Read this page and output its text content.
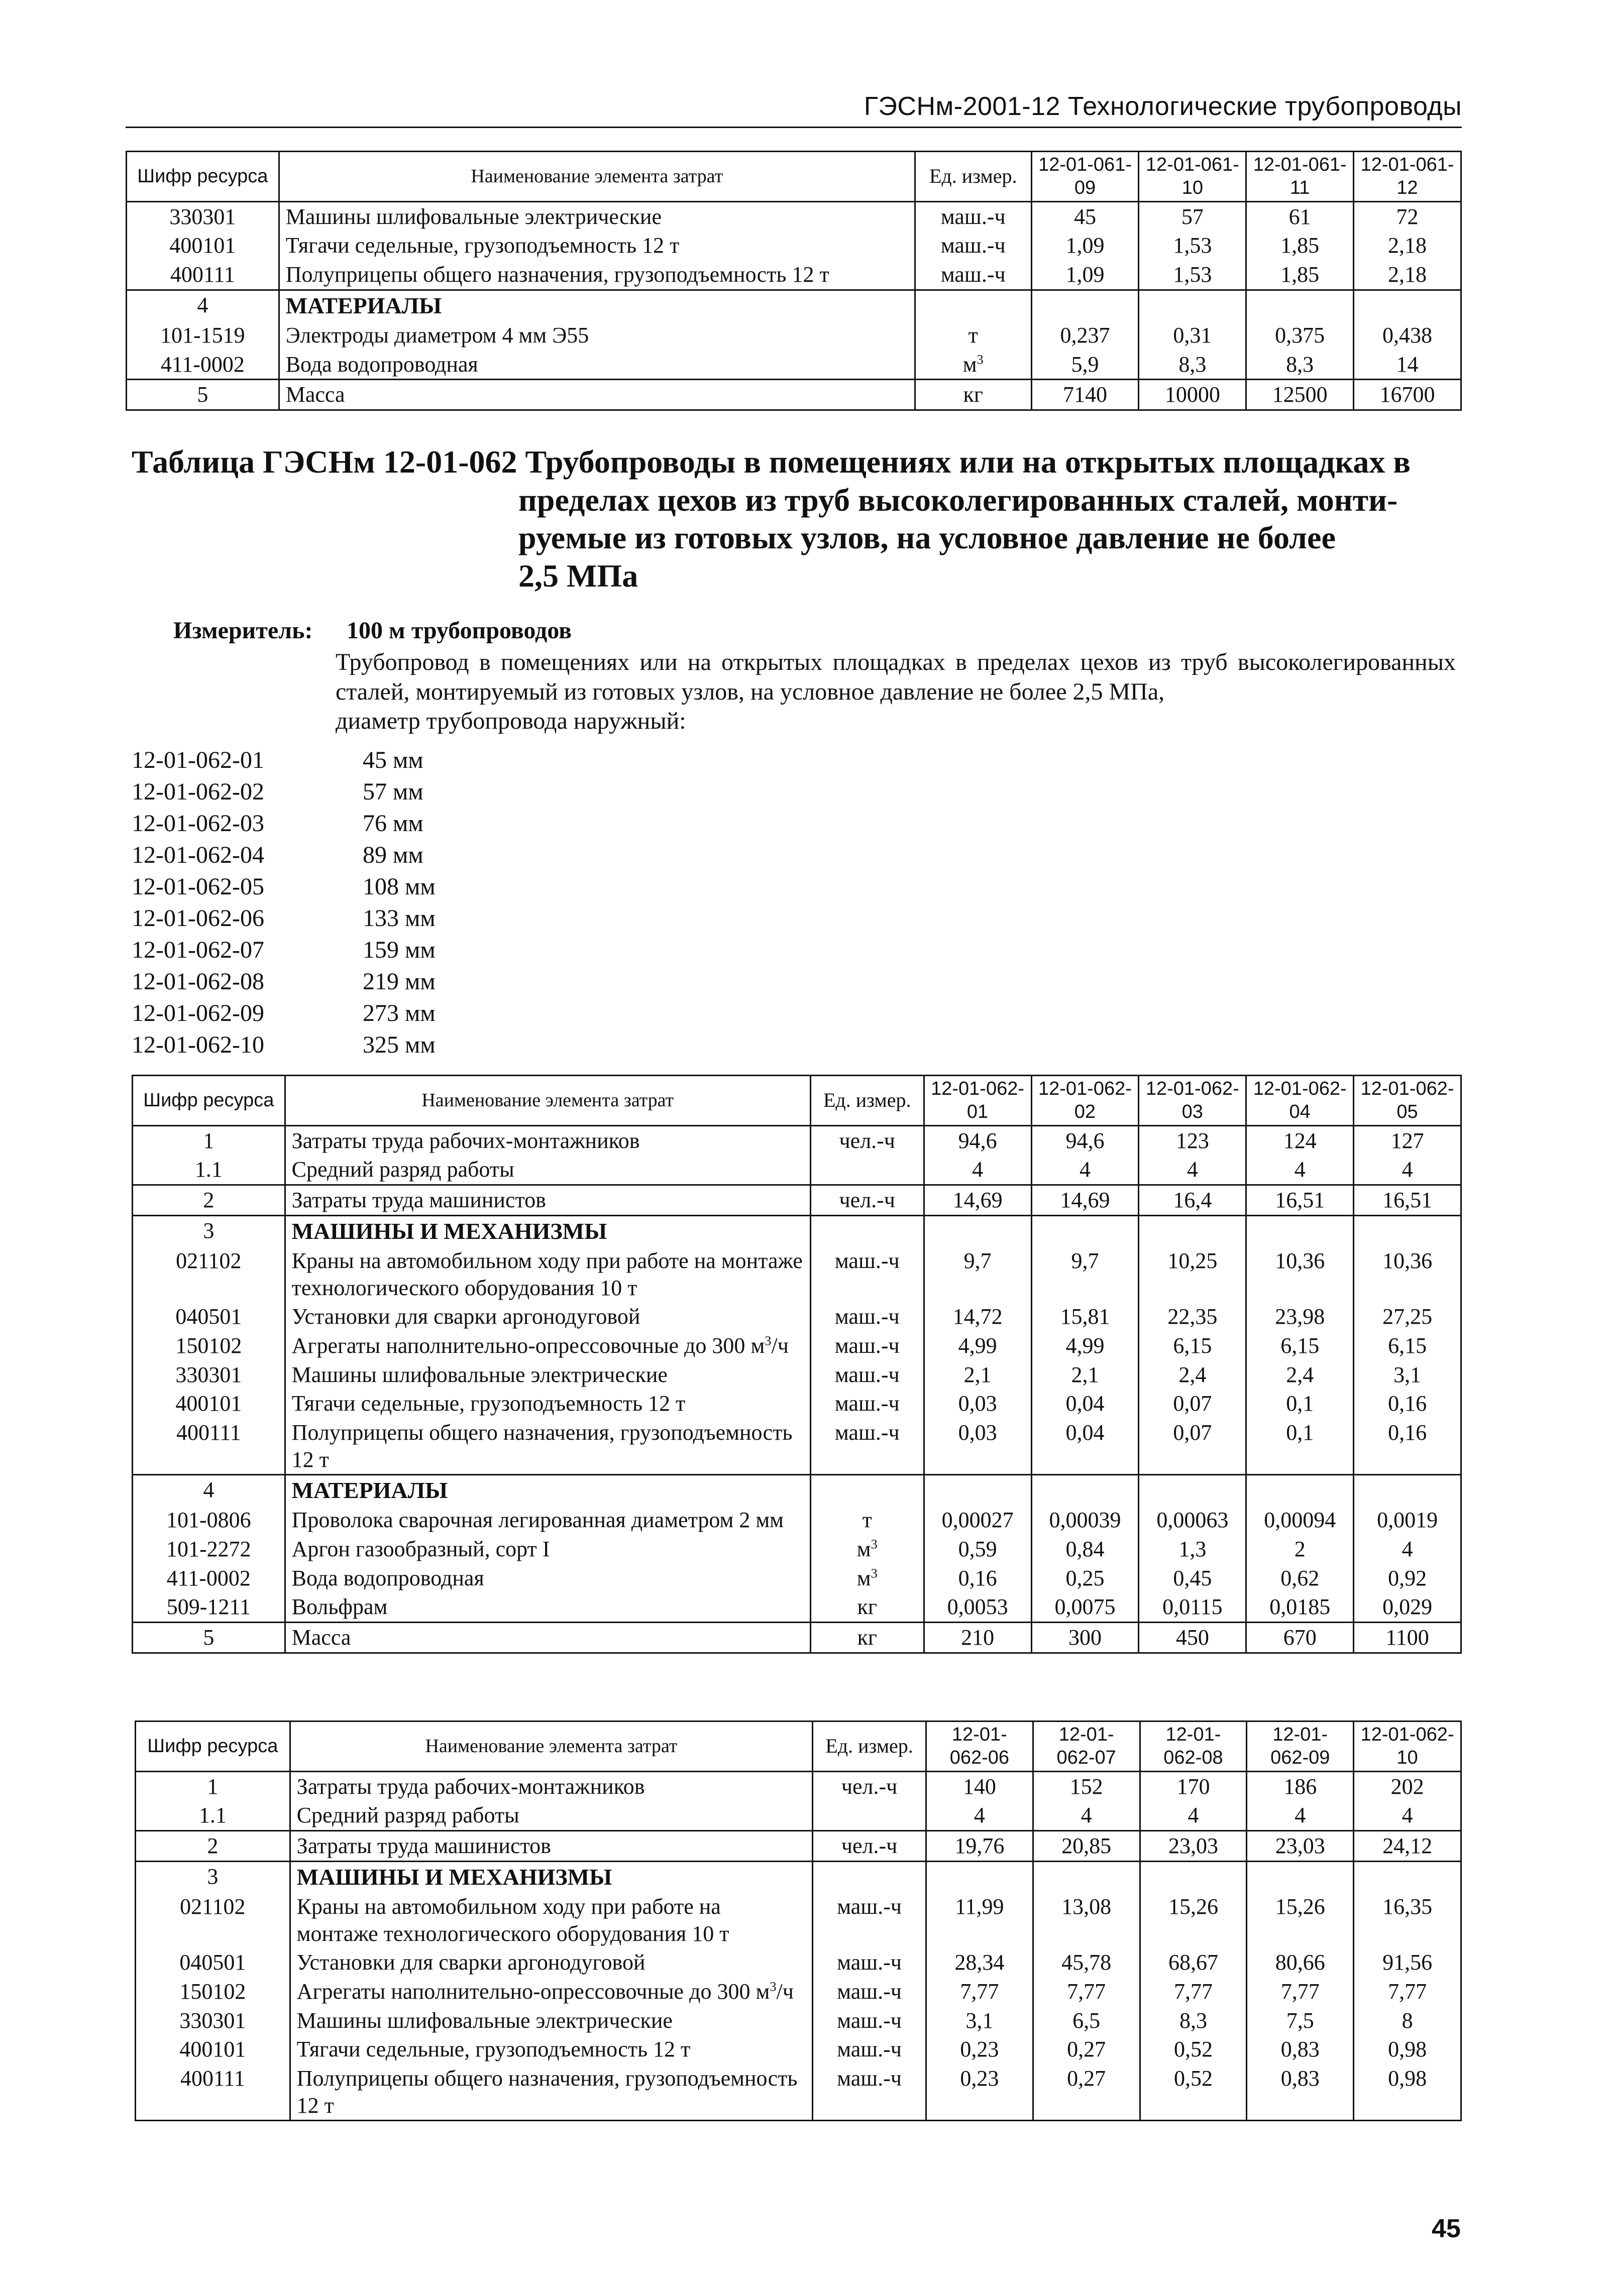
ГЭСНм-2001-12 Технологические трубопроводы
Шифр ресурса	Наименование элемента затрат	Ед. измер.	12-01-061-09	12-01-061-10	12-01-061-11	12-01-061-12
330301	Машины шлифовальные электрические	маш.-ч	45	57	61	72
400101	Тягачи седельные, грузоподъемность 12 т	маш.-ч	1,09	1,53	1,85	2,18
400111	Полуприцепы общего назначения, грузоподъемность 12 т	маш.-ч	1,09	1,53	1,85	2,18
4	МАТЕРИАЛЫ					
101-1519	Электроды диаметром 4 мм Э55	т	0,237	0,31	0,375	0,438
411-0002	Вода водопроводная	$м^3$	5,9	8,3	8,3	14
5	Масса	кг	7140	10000	12500	16700
Таблица ГЭСНм 12-01-062 Трубопроводы в помещениях или на открытых площадках в
пределах цехов из труб высоколегированных сталей, монти-
руемые из готовых узлов, на условное давление не более
2,5 МПа
Измеритель: 100 м трубопроводов
Трубопровод в помещениях или на открытых площадках в пределах цехов из труб высоколегированных сталей, монтируемый из готовых узлов, на условное давление не более 2,5 МПа,
диаметр трубопровода наружный:
12-01-062-01	45 мм
12-01-062-02	57 мм
12-01-062-03	76 мм
12-01-062-04	89 мм
12-01-062-05	108 мм
12-01-062-06	133 мм
12-01-062-07	159 мм
12-01-062-08	219 мм
12-01-062-09	273 мм
12-01-062-10	325 мм
Шифр ресурса	Наименование элемента затрат	Ед. измер.	12-01-062-01	12-01-062-02	12-01-062-03	12-01-062-04	12-01-062-05
1	Затраты труда рабочих-монтажников	чел.-ч	94,6	94,6	123	124	127
1.1	Средний разряд работы		4	4	4	4	4
2	Затраты труда машинистов	чел.-ч	14,69	14,69	16,4	16,51	16,51
3	МАШИНЫ И МЕХАНИЗМЫ						
021102	Краны на автомобильном ходу при работе на монтаже технологического оборудования 10 т	маш.-ч	9,7	9,7	10,25	10,36	10,36
040501	Установки для сварки аргонодуговой	маш.-ч	14,72	15,81	22,35	23,98	27,25
150102	Агрегаты наполнительно-опрессовочные до 300 $м^3/ч$	маш.-ч	4,99	4,99	6,15	6,15	6,15
330301	Машины шлифовальные электрические	маш.-ч	2,1	2,1	2,4	2,4	3,1
400101	Тягачи седельные, грузоподъемность 12 т	маш.-ч	0,03	0,04	0,07	0,1	0,16
400111	Полуприцепы общего назначения, грузоподъемность 12 т	маш.-ч	0,03	0,04	0,07	0,1	0,16
4	МАТЕРИАЛЫ						
101-0806	Проволока сварочная легированная диаметром 2 мм	т	0,00027	0,00039	0,00063	0,00094	0,0019
101-2272	Аргон газообразный, сорт I	$м^3$	0,59	0,84	1,3	2	4
411-0002	Вода водопроводная	$м^3$	0,16	0,25	0,45	0,62	0,92
509-1211	Вольфрам	кг	0,0053	0,0075	0,0115	0,0185	0,029
5	Масса	кг	210	300	450	670	1100
Шифр ресурса	Наименование элемента затрат	Ед. измер.	12-01-062-06	12-01-062-07	12-01-062-08	12-01-062-09	12-01-062-10
1	Затраты труда рабочих-монтажников	чел.-ч	140	152	170	186	202
1.1	Средний разряд работы		4	4	4	4	4
2	Затраты труда машинистов	чел.-ч	19,76	20,85	23,03	23,03	24,12
3	МАШИНЫ И МЕХАНИЗМЫ						
021102	Краны на автомобильном ходу при работе на монтаже технологического оборудования 10 т	маш.-ч	11,99	13,08	15,26	15,26	16,35
040501	Установки для сварки аргонодуговой	маш.-ч	28,34	45,78	68,67	80,66	91,56
150102	Агрегаты наполнительно-опрессовочные до 300 $м^3/ч$	маш.-ч	7,77	7,77	7,77	7,77	7,77
330301	Машины шлифовальные электрические	маш.-ч	3,1	6,5	8,3	7,5	8
400101	Тягачи седельные, грузоподъемность 12 т	маш.-ч	0,23	0,27	0,52	0,83	0,98
400111	Полуприцепы общего назначения, грузоподъемность 12 т	маш.-ч	0,23	0,27	0,52	0,83	0,98
45
